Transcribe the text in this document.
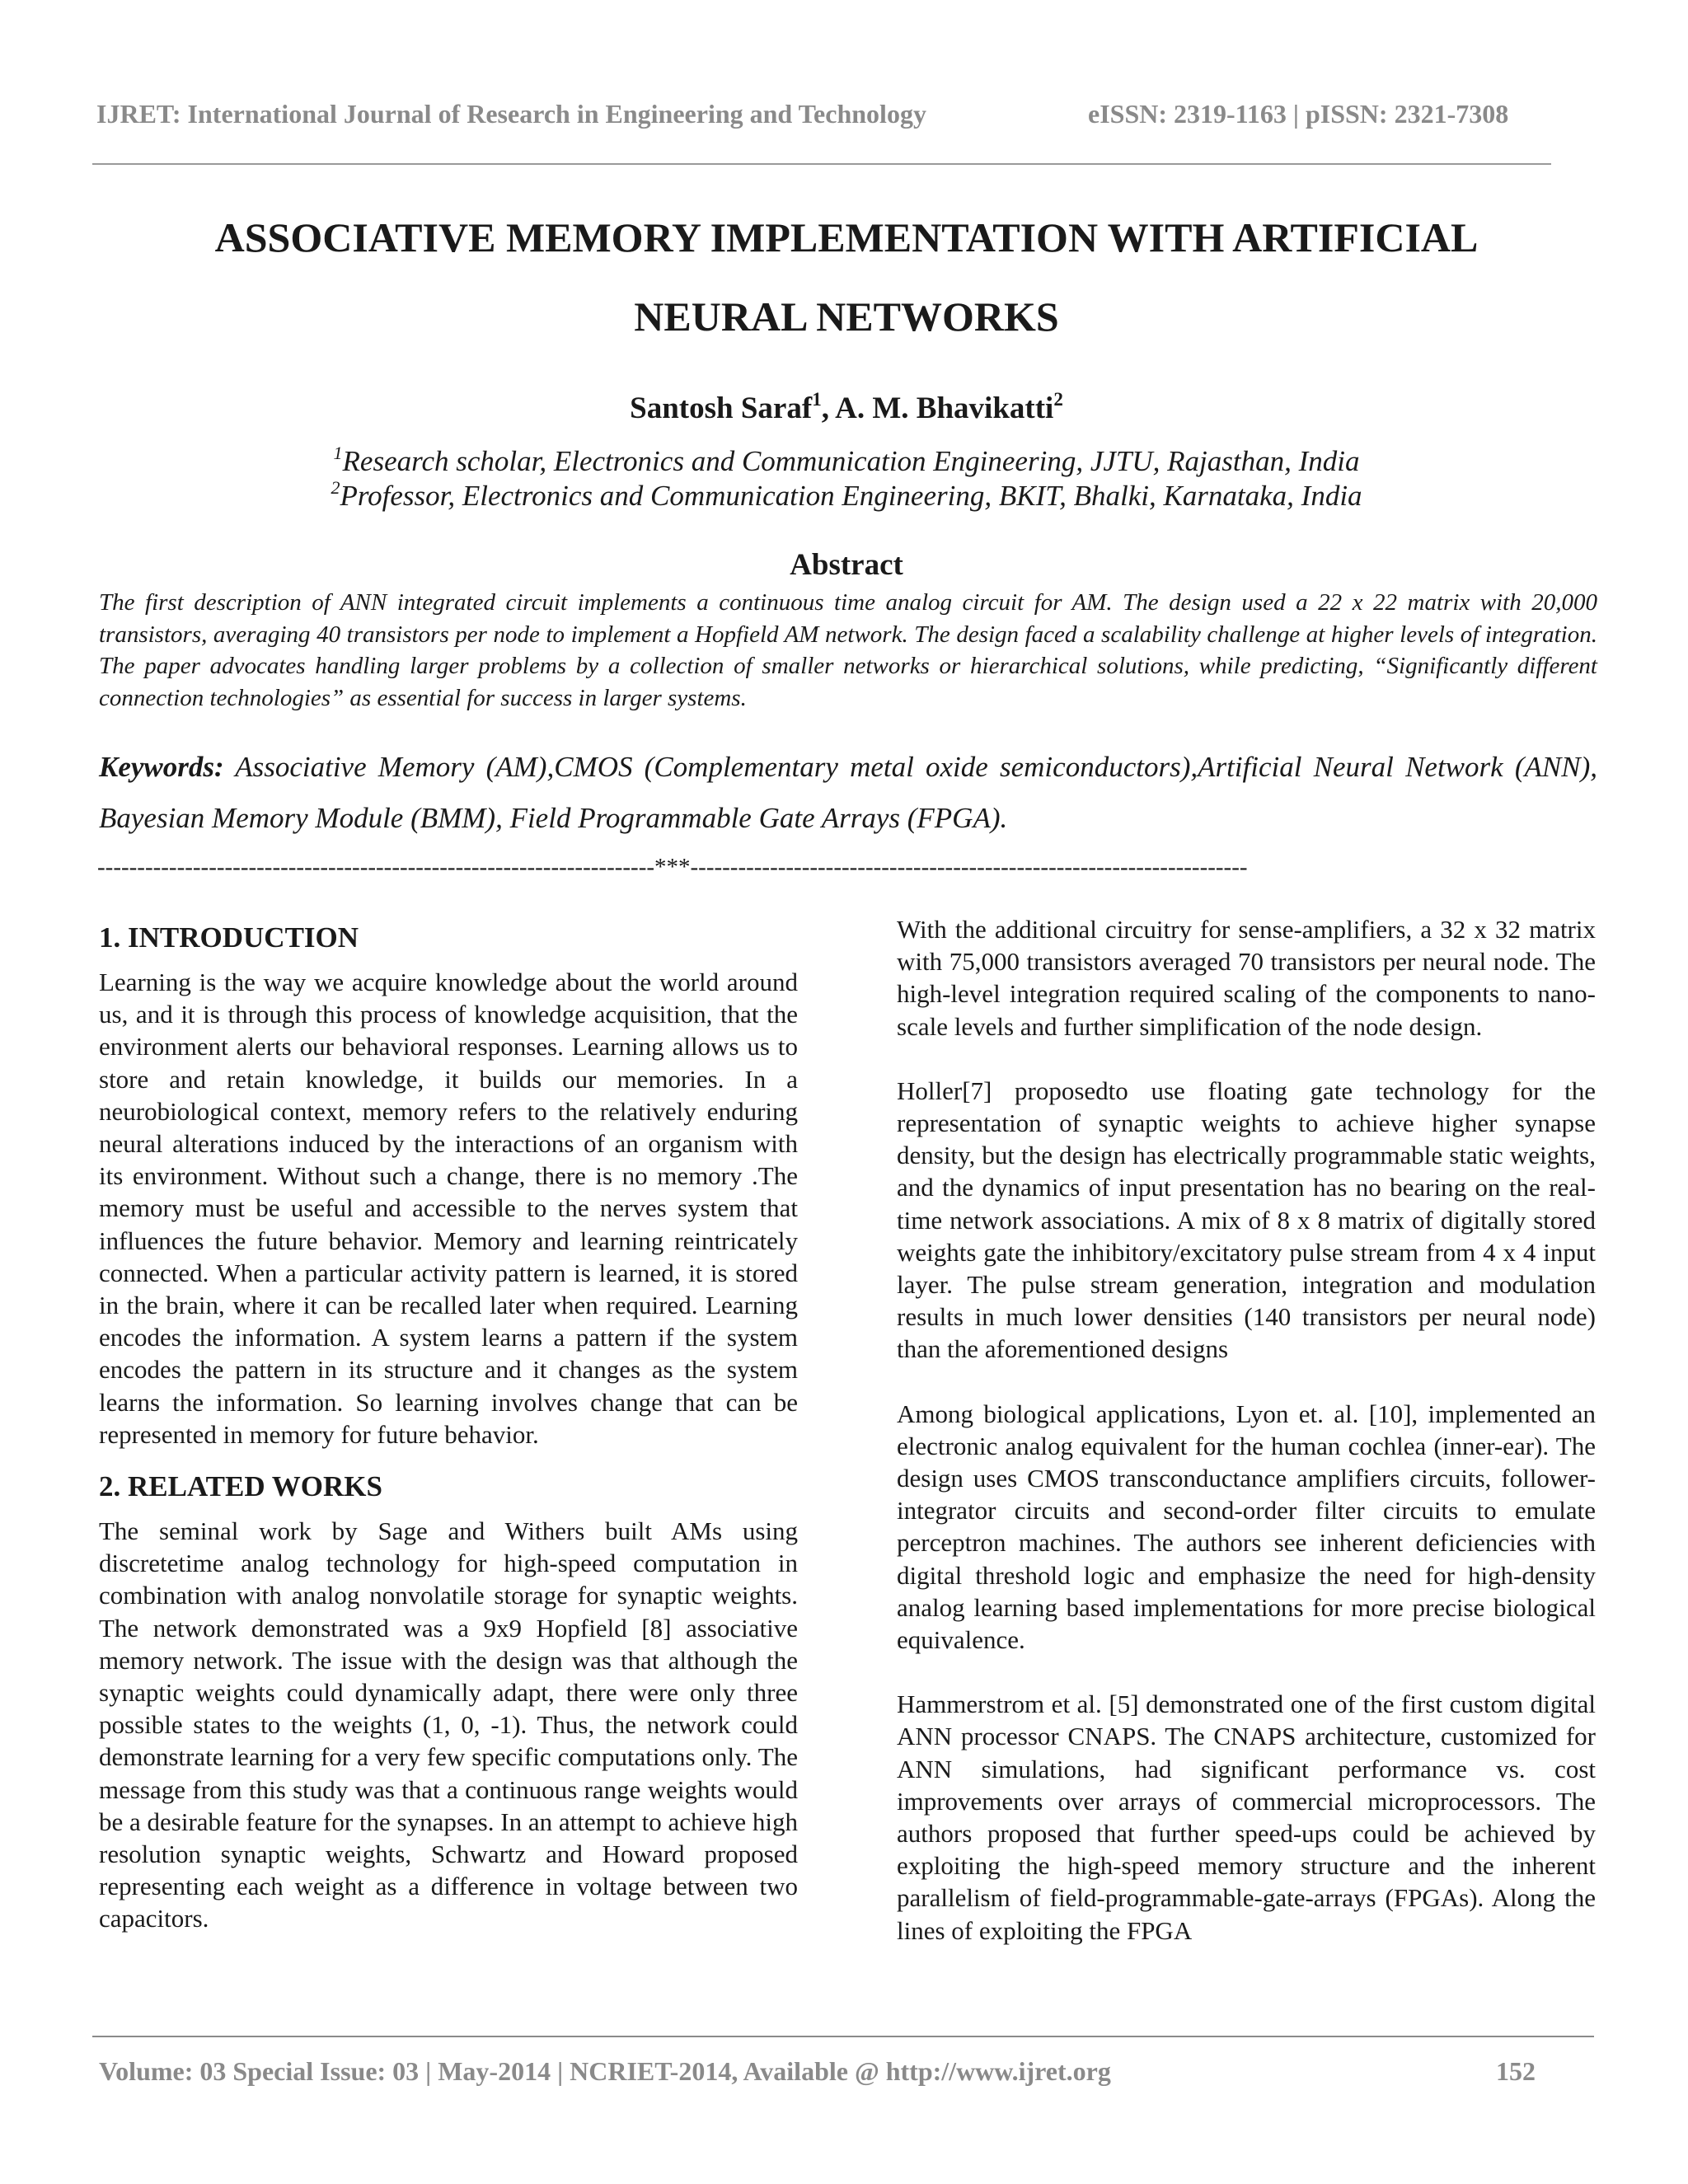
IJRET: International Journal of Research in Engineering and Technology	eISSN: 2319-1163 | pISSN: 2321-7308
ASSOCIATIVE MEMORY IMPLEMENTATION WITH ARTIFICIAL
NEURAL NETWORKS
Santosh Saraf$^1$, A. M. Bhavikatti$^2$
$^1$Research scholar, Electronics and Communication Engineering, JJTU, Rajasthan, India
$^2$Professor, Electronics and Communication Engineering, BKIT, Bhalki, Karnataka, India
Abstract

The first description of ANN integrated circuit implements a continuous time analog circuit for AM. The design used a 22 x 22 matrix with 20,000 transistors, averaging 40 transistors per node to implement a Hopfield AM network. The design faced a scalability challenge at higher levels of integration. The paper advocates handling larger problems by a collection of smaller networks or hierarchical solutions, while predicting, “Significantly different connection technologies” as essential for success in larger systems.

Keywords: Associative Memory (AM),CMOS (Complementary metal oxide semiconductors),Artificial Neural Network (ANN), Bayesian Memory Module (BMM), Field Programmable Gate Arrays (FPGA).

----------------------------------------------------------------------***----------------------------------------------------------------------
1. INTRODUCTION

Learning is the way we acquire knowledge about the world around us, and it is through this process of knowledge acquisition, that the environment alerts our behavioral responses. Learning allows us to store and retain knowledge, it builds our memories. In a neurobiological context, memory refers to the relatively enduring neural alterations induced by the interactions of an organism with its environment. Without such a change, there is no memory .The memory must be useful and accessible to the nerves system that influences the future behavior. Memory and learning reintricately connected. When a particular activity pattern is learned, it is stored in the brain, where it can be recalled later when required. Learning encodes the information. A system learns a pattern if the system encodes the pattern in its structure and it changes as the system learns the information. So learning involves change that can be represented in memory for future behavior.

2. RELATED WORKS

The seminal work by Sage and Withers built AMs using discretetime analog technology for high-speed computation in combination with analog nonvolatile storage for synaptic weights. The network demonstrated was a 9x9 Hopfield [8] associative memory network. The issue with the design was that although the synaptic weights could dynamically adapt, there were only three possible states to the weights (1, 0, -1). Thus, the network could demonstrate learning for a very few specific computations only. The message from this study was that a continuous range weights would be a desirable feature for the synapses. In an attempt to achieve high resolution synaptic weights, Schwartz and Howard proposed representing each weight as a difference in voltage between two capacitors.

With the additional circuitry for sense-amplifiers, a 32 x 32 matrix with 75,000 transistors averaged 70 transistors per neural node. The high-level integration required scaling of the components to nano-scale levels and further simplification of the node design.

Holler[7] proposedto use floating gate technology for the representation of synaptic weights to achieve higher synapse density, but the design has electrically programmable static weights, and the dynamics of input presentation has no bearing on the real-time network associations. A mix of 8 x 8 matrix of digitally stored weights gate the inhibitory/excitatory pulse stream from 4 x 4 input layer. The pulse stream generation, integration and modulation results in much lower densities (140 transistors per neural node) than the aforementioned designs

Among biological applications, Lyon et. al. [10], implemented an electronic analog equivalent for the human cochlea (inner-ear). The design uses CMOS transconductance amplifiers circuits, follower-integrator circuits and second-order filter circuits to emulate perceptron machines. The authors see inherent deficiencies with digital threshold logic and emphasize the need for high-density analog learning based implementations for more precise biological equivalence.

Hammerstrom et al. [5] demonstrated one of the first custom digital ANN processor CNAPS. The CNAPS architecture, customized for ANN simulations, had significant performance vs. cost improvements over arrays of commercial microprocessors. The authors proposed that further speed-ups could be achieved by exploiting the high-speed memory structure and the inherent parallelism of field-programmable-gate-arrays (FPGAs). Along the lines of exploiting the FPGA

Volume: 03 Special Issue: 03 | May-2014 | NCRIET-2014, Available @ http://www.ijret.org	152
